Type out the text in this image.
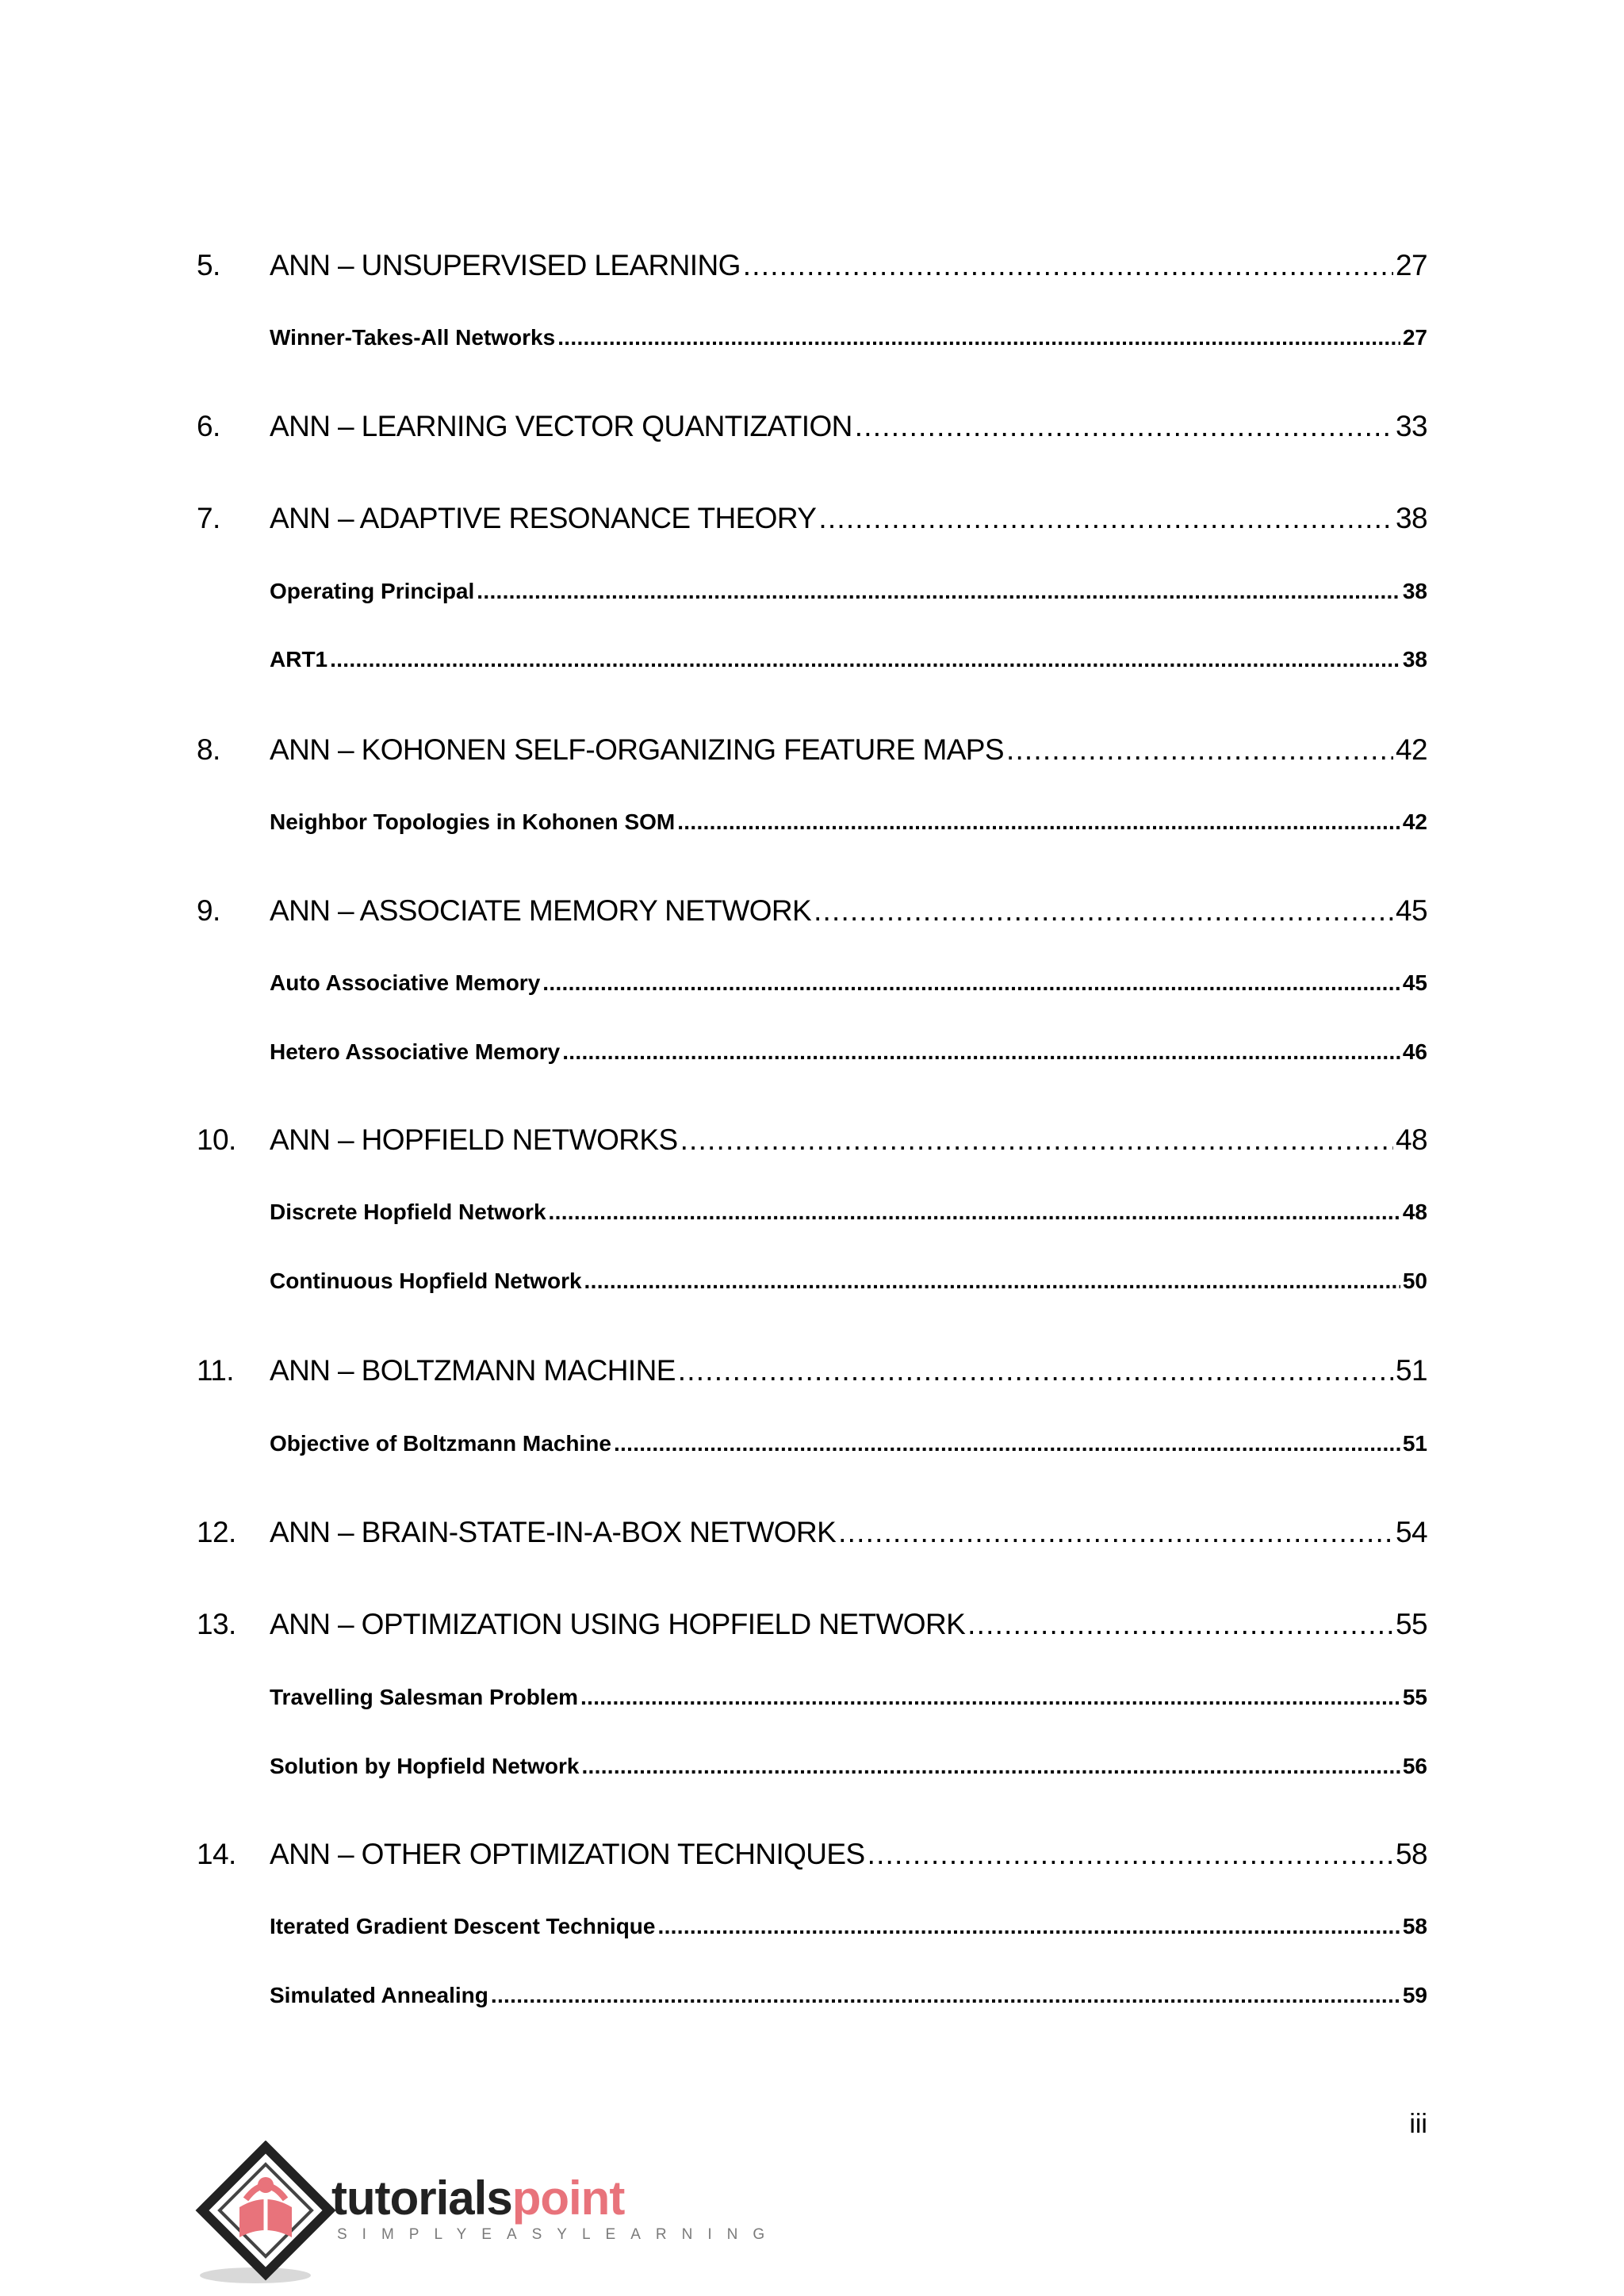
5.	ANN – UNSUPERVISED LEARNING .....	27
Winner-Takes-All Networks .....	27
6.	ANN – LEARNING VECTOR QUANTIZATION .....	33
7.	ANN – ADAPTIVE RESONANCE THEORY .....	38
Operating Principal .....	38
ART1 .....	38
8.	ANN – KOHONEN SELF-ORGANIZING FEATURE MAPS .....	42
Neighbor Topologies in Kohonen SOM .....	42
9.	ANN – ASSOCIATE MEMORY NETWORK .....	45
Auto Associative Memory .....	45
Hetero Associative Memory .....	46
10.	ANN – HOPFIELD NETWORKS .....	48
Discrete Hopfield Network .....	48
Continuous Hopfield Network .....	50
11.	ANN – BOLTZMANN MACHINE .....	51
Objective of Boltzmann Machine .....	51
12.	ANN – BRAIN-STATE-IN-A-BOX NETWORK .....	54
13.	ANN – OPTIMIZATION USING HOPFIELD NETWORK .....	55
Travelling Salesman Problem .....	55
Solution by Hopfield Network .....	56
14.	ANN – OTHER OPTIMIZATION TECHNIQUES .....	58
Iterated Gradient Descent Technique .....	58
Simulated Annealing .....	59
iii
tutorialspoint
SIMPLYEASYLEARNING
